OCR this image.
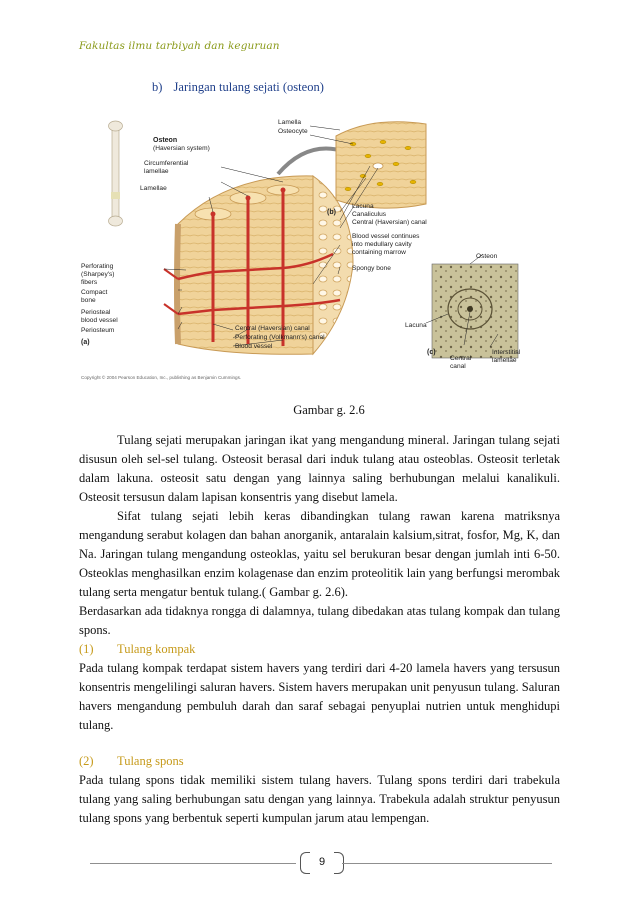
Fakultas ilmu tarbiyah dan keguruan
b) Jaringan tulang sejati (osteon)
Osteon
(Haversian system)
Circumferential
lamellae
Lamellae
Perforating
(Sharpey's)
fibers
Compact
bone
Periosteal
blood vessel
Periosteum
(a)
Lamella
Osteocyte
(b)
Lacuna
Canaliculus
Central (Haversian) canal
Blood vessel continues
into medullary cavity
containing marrow
Spongy bone
Central (Haversian) canal
Perforating (Volkmann's) canal
Blood vessel
Osteon
Lacuna
(c)
Central
canal
Interstitial
lamellae
Copyright © 2004 Pearson Education, Inc., publishing as Benjamin Cummings.
Gambar g. 2.6

Tulang sejati merupakan jaringan ikat yang mengandung mineral. Jaringan tulang sejati disusun oleh sel-sel tulang. Osteosit berasal dari induk tulang atau osteoblas. Osteosit terletak dalam lakuna. osteosit satu dengan yang lainnya saling berhubungan melalui kanalikuli. Osteosit tersusun dalam lapisan konsentris yang disebut lamela.

Sifat tulang sejati lebih keras dibandingkan tulang rawan karena matriksnya mengandung serabut kolagen dan bahan anorganik, antaralain kalsium,sitrat, fosfor, Mg, K, dan Na. Jaringan tulang mengandung osteoklas, yaitu sel berukuran besar dengan jumlah inti 6-50. Osteoklas menghasilkan enzim kolagenase dan enzim proteolitik lain yang berfungsi merombak tulang serta mengatur bentuk tulang.( Gambar g. 2.6).

Berdasarkan ada tidaknya rongga di dalamnya, tulang dibedakan atas tulang kompak dan tulang spons.

(1) Tulang kompak

Pada tulang kompak terdapat sistem havers yang terdiri dari 4-20 lamela havers yang tersusun konsentris mengelilingi saluran havers. Sistem havers merupakan unit penyusun tulang. Saluran havers mengandung pembuluh darah dan saraf sebagai penyuplai nutrien untuk menghidupi tulang.

(2) Tulang spons

Pada tulang spons tidak memiliki sistem tulang havers. Tulang spons terdiri dari trabekula tulang yang saling berhubungan satu dengan yang lainnya. Trabekula adalah struktur penyusun tulang spons yang berbentuk seperti kumpulan jarum atau lempengan.

9
